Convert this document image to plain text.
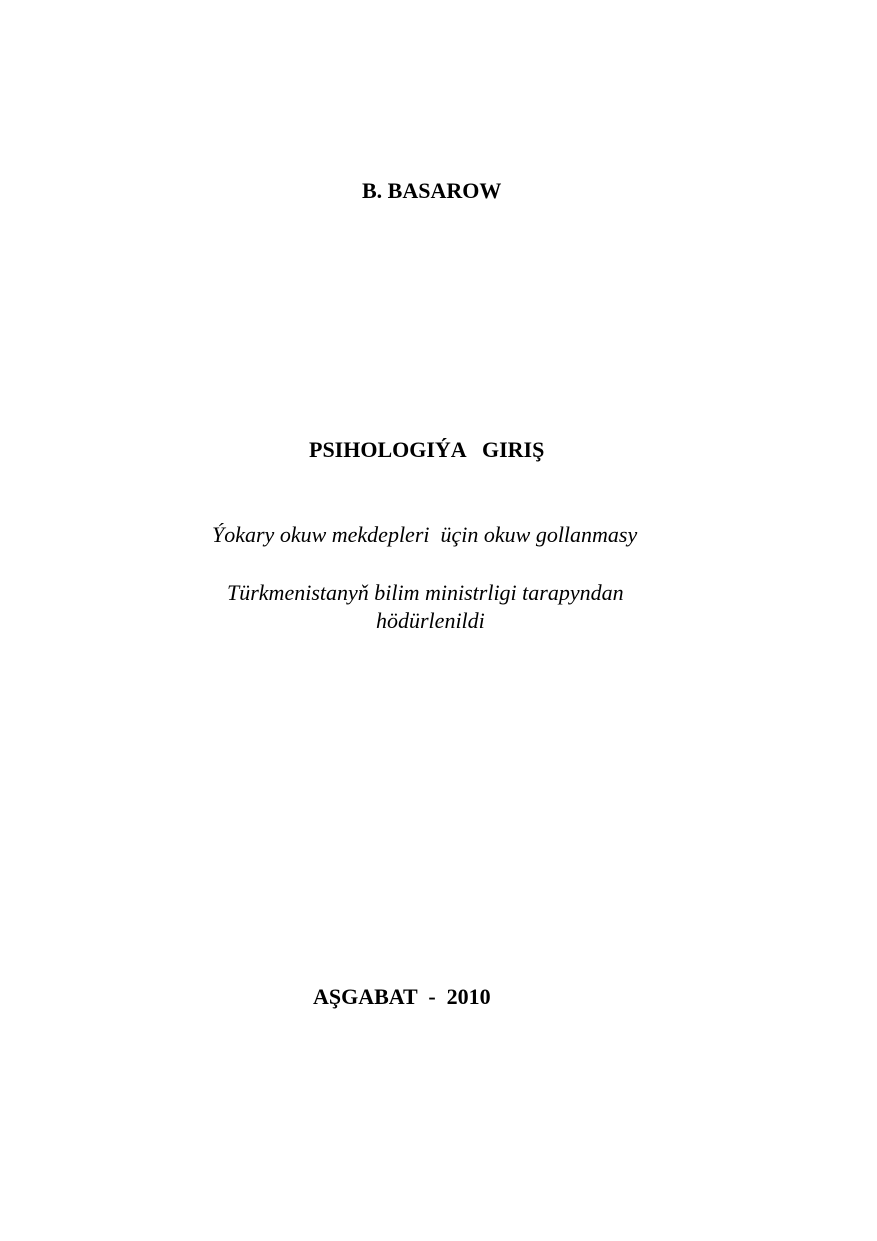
B. BASAROW
PSIHOLOGIÝA   GIRIŞ
Ýokary okuw mekdepleri  üçin okuw gollanmasy
Türkmenistanyň bilim ministrligi tarapyndan
hödürlenildi
AŞGABAT  -  2010
